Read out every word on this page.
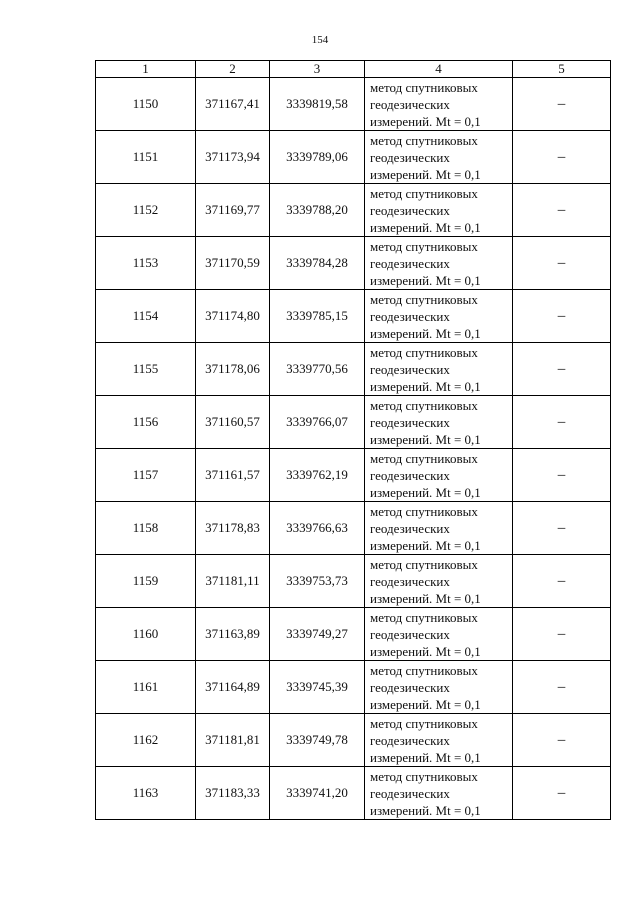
154
1	2	3	4	5
1150	371167,41	3339819,58	метод спутниковых
геодезических
измерений. Mt = 0,1	–
1151	371173,94	3339789,06	метод спутниковых
геодезических
измерений. Mt = 0,1	–
1152	371169,77	3339788,20	метод спутниковых
геодезических
измерений. Mt = 0,1	–
1153	371170,59	3339784,28	метод спутниковых
геодезических
измерений. Mt = 0,1	–
1154	371174,80	3339785,15	метод спутниковых
геодезических
измерений. Mt = 0,1	–
1155	371178,06	3339770,56	метод спутниковых
геодезических
измерений. Mt = 0,1	–
1156	371160,57	3339766,07	метод спутниковых
геодезических
измерений. Mt = 0,1	–
1157	371161,57	3339762,19	метод спутниковых
геодезических
измерений. Mt = 0,1	–
1158	371178,83	3339766,63	метод спутниковых
геодезических
измерений. Mt = 0,1	–
1159	371181,11	3339753,73	метод спутниковых
геодезических
измерений. Mt = 0,1	–
1160	371163,89	3339749,27	метод спутниковых
геодезических
измерений. Mt = 0,1	–
1161	371164,89	3339745,39	метод спутниковых
геодезических
измерений. Mt = 0,1	–
1162	371181,81	3339749,78	метод спутниковых
геодезических
измерений. Mt = 0,1	–
1163	371183,33	3339741,20	метод спутниковых
геодезических
измерений. Mt = 0,1	–
